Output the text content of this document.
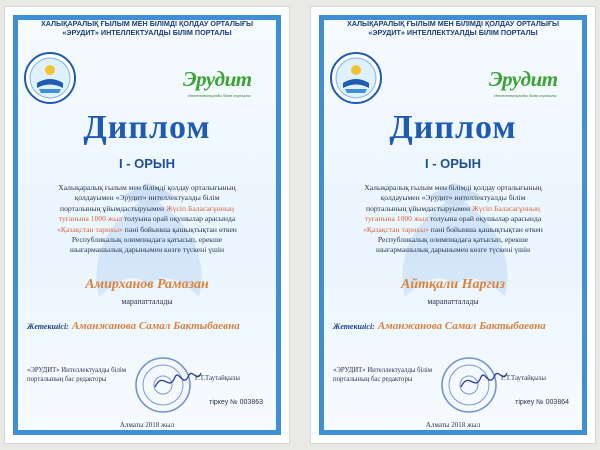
ХАЛЫҚАРАЛЫҚ ҒЫЛЫМ МЕН БІЛІМДІ ҚОЛДАУ ОРТАЛЫҒЫ
«ЭРУДИТ» ИНТЕЛЛЕКТУАЛДЫ БІЛІМ ПОРТАЛЫ
Эрудит
Интеллектуалды білім порталы
Диплом
I - ОРЫН
Халықаралық ғылым мен білімді қолдау орталығының
қолдауымен «Эрудит» интеллектуалды білім
порталының ұйымдастыруымен Жүсіп Баласағұнның
туғанына 1000 жыл толуына орай оқушылар арасында
«Қазақстан тарихы» пәні бойынша қашықтықтан өткен
Республикалық олимпиадаға қатысып, ерекше
шығармашылық дарынымен көзге түскені үшін
Амирханов Рамазан
марапатталады
Жетекшісі: Аманжанова Самал Бактыбаевна
«ЭРУДИТ» Интеллектуалды білім
порталының бас редакторы	Г.Т.Таутайқызы
тіркеу № 003863
Алматы 2018 жыл
ХАЛЫҚАРАЛЫҚ ҒЫЛЫМ МЕН БІЛІМДІ ҚОЛДАУ ОРТАЛЫҒЫ
«ЭРУДИТ» ИНТЕЛЛЕКТУАЛДЫ БІЛІМ ПОРТАЛЫ
Эрудит
Интеллектуалды білім порталы
Диплом
I - ОРЫН
Халықаралық ғылым мен білімді қолдау орталығының
қолдауымен «Эрудит» интеллектуалды білім
порталының ұйымдастыруымен Жүсіп Баласағұнның
туғанына 1000 жыл толуына орай оқушылар арасында
«Қазақстан тарихы» пәні бойынша қашықтықтан өткен
Республикалық олимпиадаға қатысып, ерекше
шығармашылық дарынымен көзге түскені үшін
Айтқали Наргиз
марапатталады
Жетекшісі: Аманжанова Самал Бактыбаевна
«ЭРУДИТ» Интеллектуалды білім
порталының бас редакторы	Г.Т.Таутайқызы
тіркеу № 003864
Алматы 2018 жыл
